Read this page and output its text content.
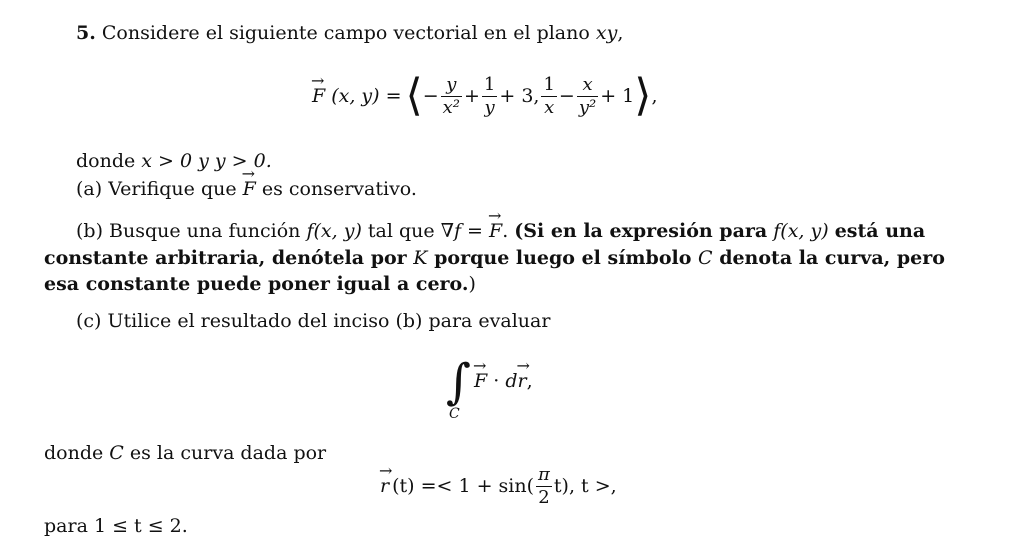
5. Considere el siguiente campo vectorial en el plano xy,
→ F (x, y) = ⟨ − $\frac{y}{\text{x²}} + \frac{1}{y} + 3$, $\frac{1}{x} - \frac{x}{\text{y²}} + 1$ ⟩ ,
donde x > 0 y y > 0.
(a) Verifique que → F es conservativo.
(b) Busque una función f(x, y) tal que ∇f = → F. (Si en la expresión para f(x, y) está una
constante arbitraria, denótela por K porque luego el símbolo C denota la curva, pero
esa constante puede poner igual a cero.)
(c) Utilice el resultado del inciso (b) para evaluar
∫
C
→ F · d→ r,
donde C es la curva dada por
→ r $(t) =< 1 + \sin( \frac{\pi}{2} t)$, t >,
para 1 ≤ t ≤ 2.
